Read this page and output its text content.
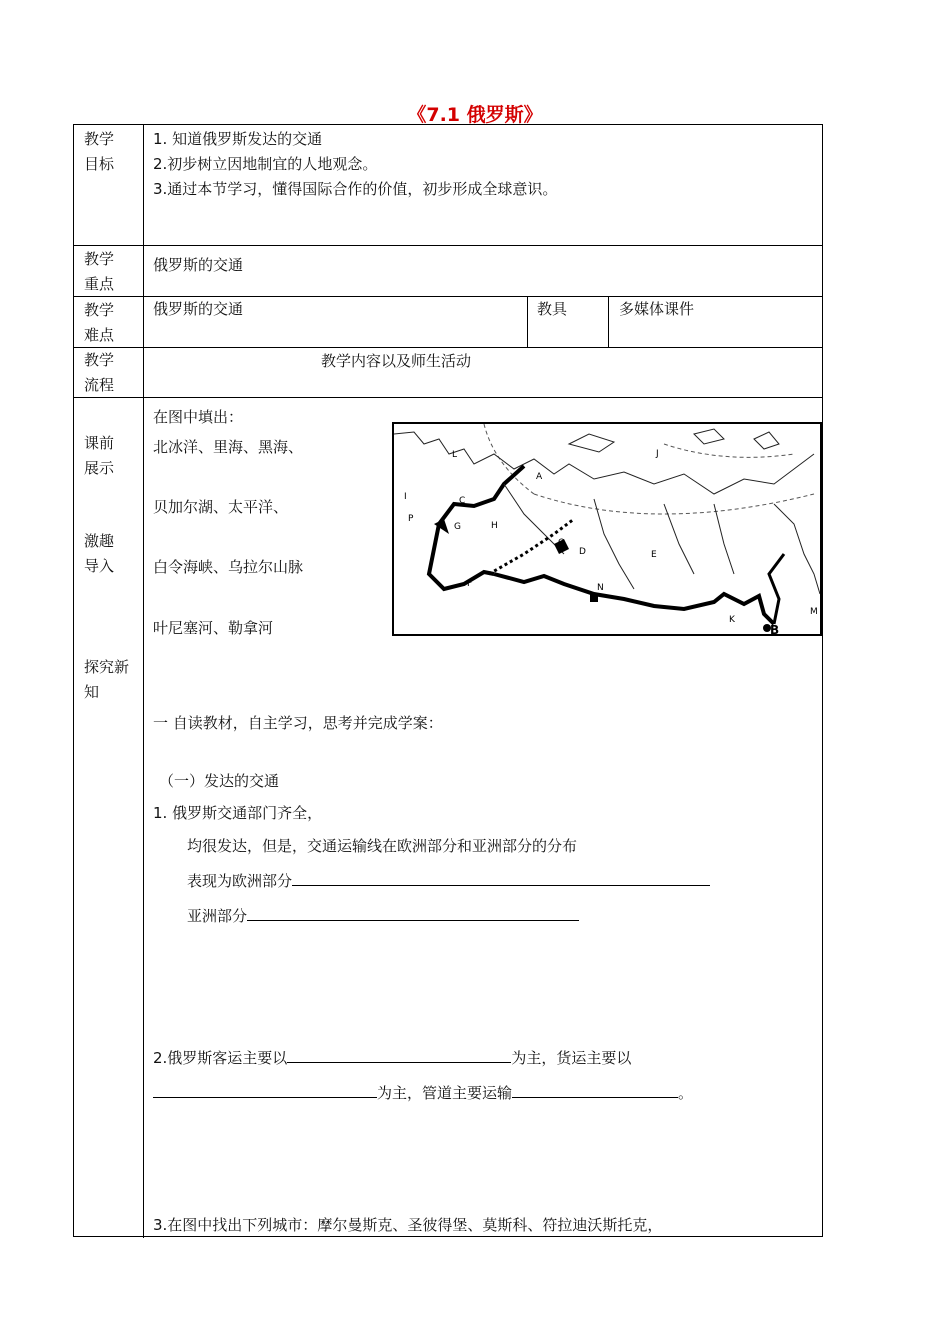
《7.1 俄罗斯》
教学
目标
1. 知道俄罗斯发达的交通
2.初步树立因地制宜的人地观念。
3.通过本节学习，懂得国际合作的价值，初步形成全球意识。
教学
重点
俄罗斯的交通
教学
难点
俄罗斯的交通	教具	多媒体课件
教学
流程
教学内容以及师生活动
课前
展示
激趣
导入
探究新
知
在图中填出：
北冰洋、里海、黑海、
贝加尔湖、太平洋、
白令海峡、乌拉尔山脉
叶尼塞河、勒拿河
A
B
C
D	E
F
G	H
I
J
K
L
M
N
O
P
一 自读教材，自主学习，思考并完成学案：
（一）发达的交通
1. 俄罗斯交通部门齐全，
均很发达，但是，交通运输线在欧洲部分和亚洲部分的分布
表现为欧洲部分
亚洲部分
2.俄罗斯客运主要以	为主，货运主要以
为主，管道主要运输	。
3.在图中找出下列城市：摩尔曼斯克、圣彼得堡、莫斯科、符拉迪沃斯托克，
